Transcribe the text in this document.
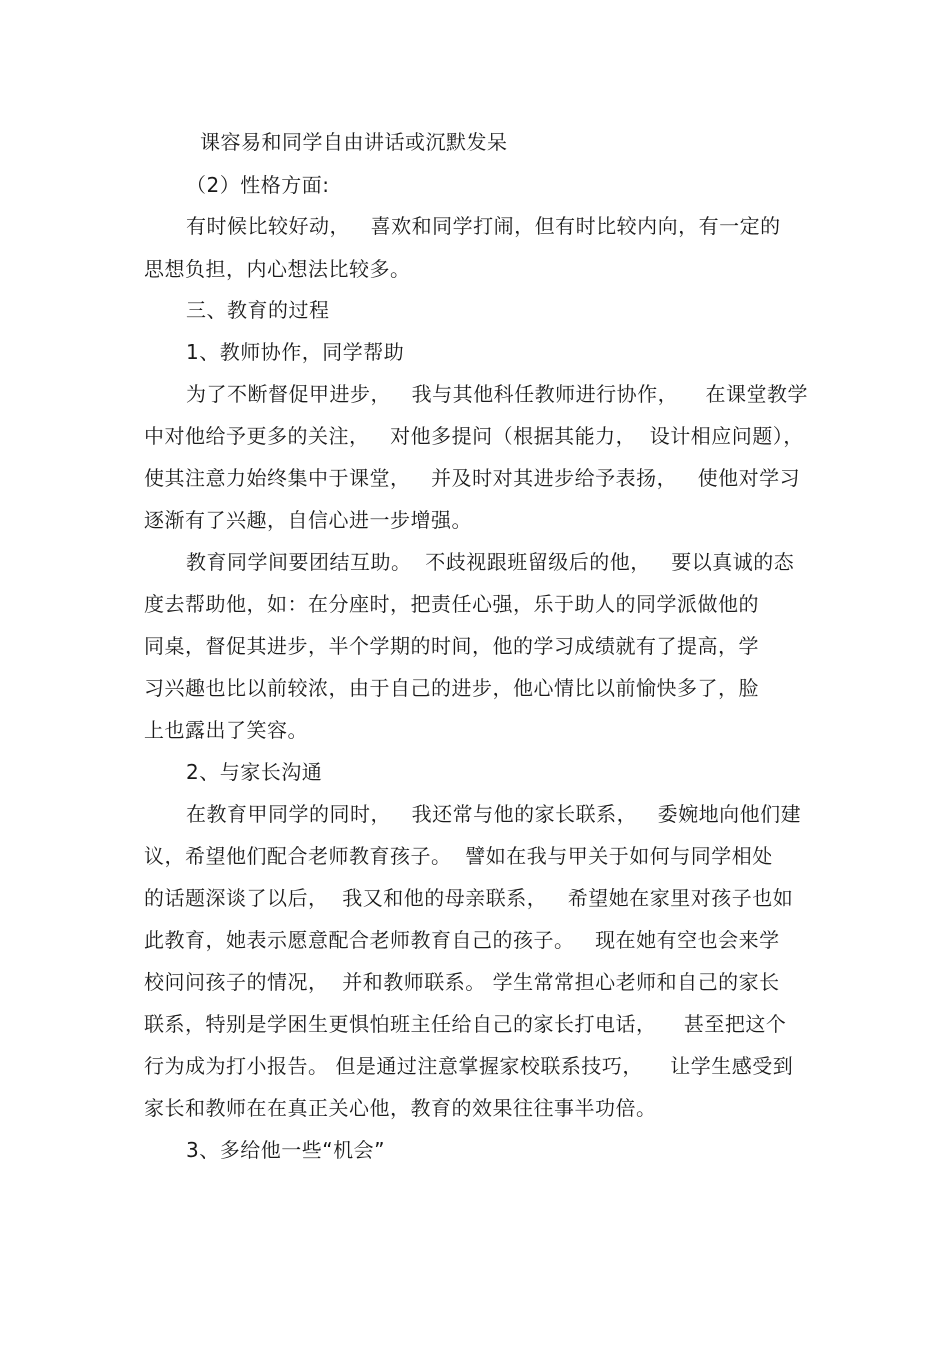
课容易和同学自由讲话或沉默发呆
（2）性格方面:
有时候比较好动，   喜欢和同学打闹，但有时比较内向，有一定的
思想负担，内心想法比较多。
三、教育的过程
1、教师协作，同学帮助
为了不断督促甲进步，   我与其他科任教师进行协作，    在课堂教学
中对他给予更多的关注，   对他多提问（根据其能力，  设计相应问题），
使其注意力始终集中于课堂，   并及时对其进步给予表扬，   使他对学习
逐渐有了兴趣，自信心进一步增强。
教育同学间要团结互助。  不歧视跟班留级后的他，   要以真诚的态
度去帮助他，如：在分座时，把责任心强，乐于助人的同学派做他的
同桌，督促其进步，半个学期的时间，他的学习成绩就有了提高，学
习兴趣也比以前较浓，由于自己的进步，他心情比以前愉快多了，脸
上也露出了笑容。
2、与家长沟通
在教育甲同学的同时，   我还常与他的家长联系，   委婉地向他们建
议，希望他们配合老师教育孩子。  譬如在我与甲关于如何与同学相处
的话题深谈了以后，  我又和他的母亲联系，   希望她在家里对孩子也如
此教育，她表示愿意配合老师教育自己的孩子。   现在她有空也会来学
校问问孩子的情况，  并和教师联系。 学生常常担心老师和自己的家长
联系，特别是学困生更惧怕班主任给自己的家长打电话，    甚至把这个
行为成为打小报告。 但是通过注意掌握家校联系技巧，    让学生感受到
家长和教师在在真正关心他，教育的效果往往事半功倍。
3、多给他一些“机会”
